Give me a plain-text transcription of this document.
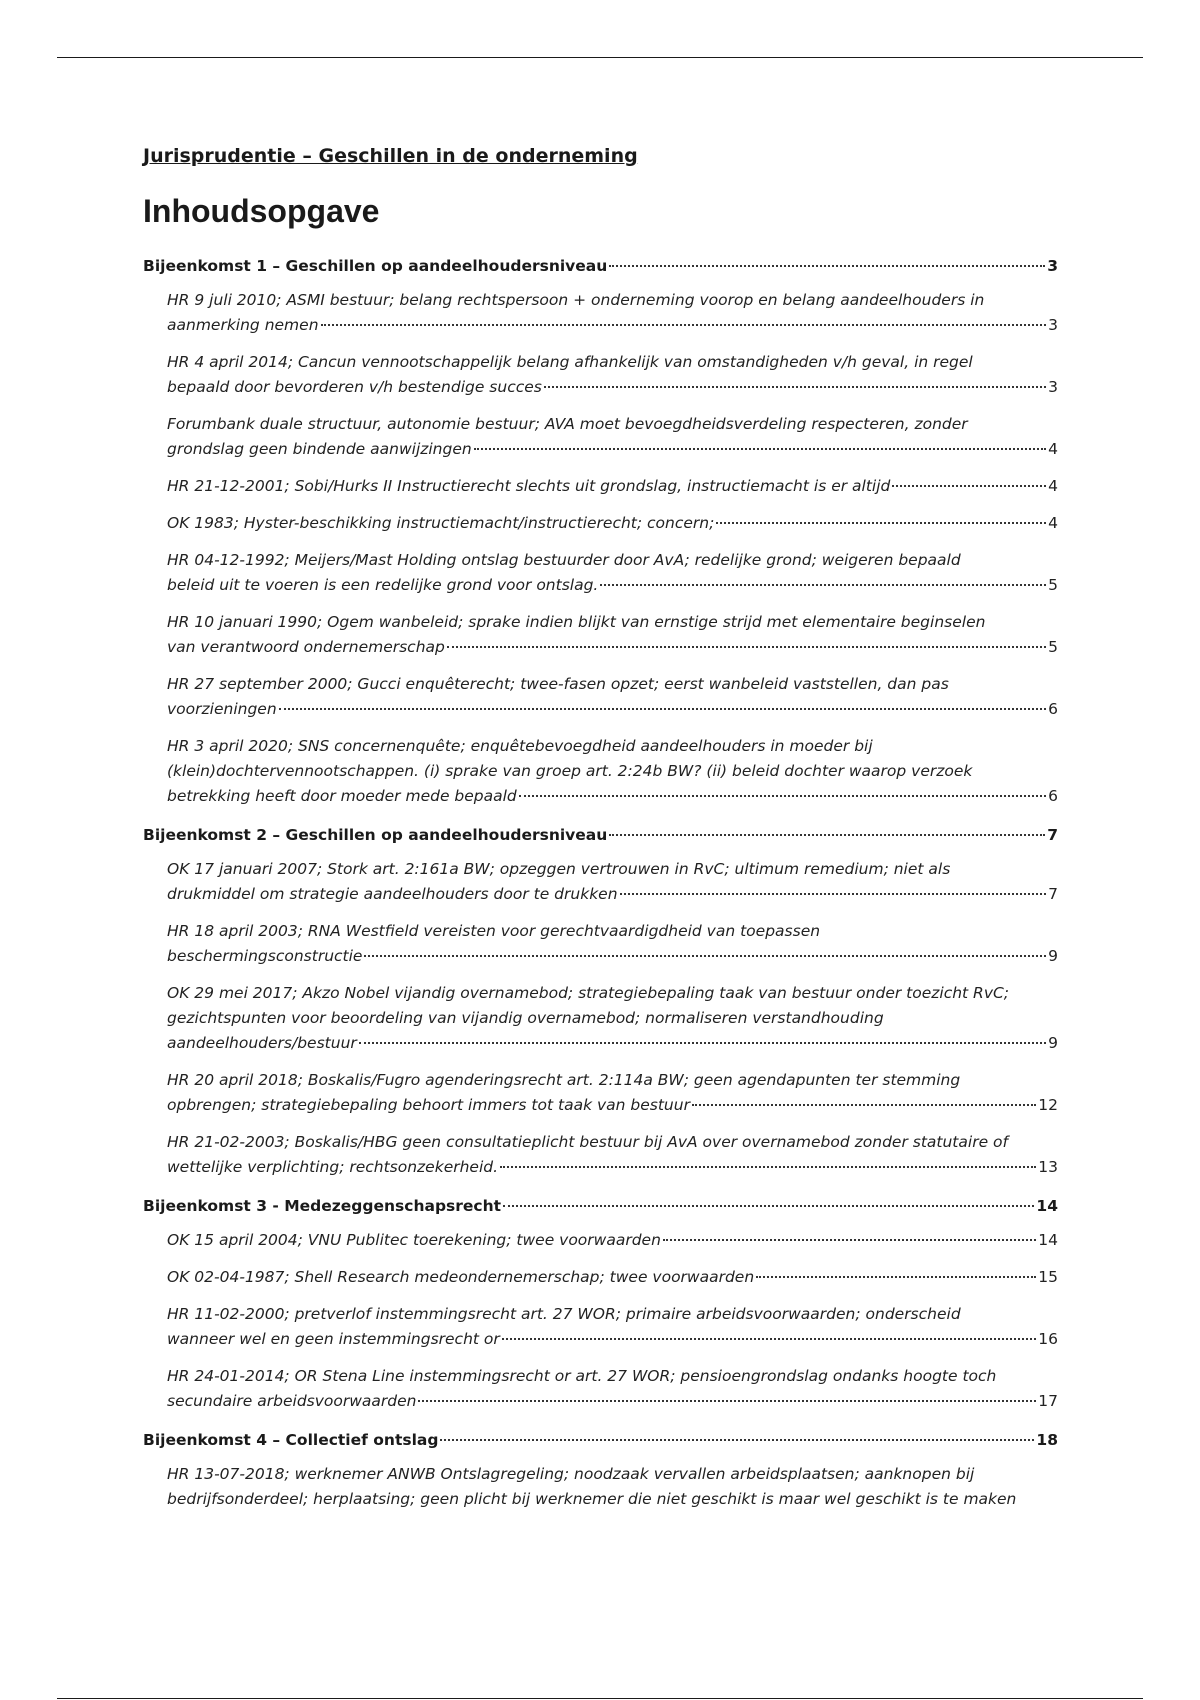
Jurisprudentie – Geschillen in de onderneming
Inhoudsopgave
Bijeenkomst 1 – Geschillen op aandeelhoudersniveau	3
HR 9 juli 2010; ASMI bestuur; belang rechtspersoon + onderneming voorop en belang aandeelhouders in
aanmerking nemen	3
HR 4 april 2014; Cancun vennootschappelijk belang afhankelijk van omstandigheden v/h geval, in regel
bepaald door bevorderen v/h bestendige succes	3
Forumbank duale structuur, autonomie bestuur; AVA moet bevoegdheidsverdeling respecteren, zonder
grondslag geen bindende aanwijzingen	4
HR 21-12-2001; Sobi/Hurks II Instructierecht slechts uit grondslag, instructiemacht is er altijd	4
OK 1983; Hyster-beschikking instructiemacht/instructierecht; concern;	4
HR 04-12-1992; Meijers/Mast Holding ontslag bestuurder door AvA; redelijke grond; weigeren bepaald
beleid uit te voeren is een redelijke grond voor ontslag.	5
HR 10 januari 1990; Ogem wanbeleid; sprake indien blijkt van ernstige strijd met elementaire beginselen
van verantwoord ondernemerschap	5
HR 27 september 2000; Gucci enquêterecht; twee-fasen opzet; eerst wanbeleid vaststellen, dan pas
voorzieningen	6
HR 3 april 2020; SNS concernenquête; enquêtebevoegdheid aandeelhouders in moeder bij
(klein)dochtervennootschappen. (i) sprake van groep art. 2:24b BW? (ii) beleid dochter waarop verzoek
betrekking heeft door moeder mede bepaald	6
Bijeenkomst 2 – Geschillen op aandeelhoudersniveau	7
OK 17 januari 2007; Stork art. 2:161a BW; opzeggen vertrouwen in RvC; ultimum remedium; niet als
drukmiddel om strategie aandeelhouders door te drukken	7
HR 18 april 2003; RNA Westfield vereisten voor gerechtvaardigdheid van toepassen
beschermingsconstructie	9
OK 29 mei 2017; Akzo Nobel vijandig overnamebod; strategiebepaling taak van bestuur onder toezicht RvC;
gezichtspunten voor beoordeling van vijandig overnamebod; normaliseren verstandhouding
aandeelhouders/bestuur	9
HR 20 april 2018; Boskalis/Fugro agenderingsrecht art. 2:114a BW; geen agendapunten ter stemming
opbrengen; strategiebepaling behoort immers tot taak van bestuur	12
HR 21-02-2003; Boskalis/HBG geen consultatieplicht bestuur bij AvA over overnamebod zonder statutaire of
wettelijke verplichting; rechtsonzekerheid.	13
Bijeenkomst 3 - Medezeggenschapsrecht	14
OK 15 april 2004; VNU Publitec toerekening; twee voorwaarden	14
OK 02-04-1987; Shell Research medeondernemerschap; twee voorwaarden	15
HR 11-02-2000; pretverlof instemmingsrecht art. 27 WOR; primaire arbeidsvoorwaarden; onderscheid
wanneer wel en geen instemmingsrecht or	16
HR 24-01-2014; OR Stena Line instemmingsrecht or art. 27 WOR; pensioengrondslag ondanks hoogte toch
secundaire arbeidsvoorwaarden	17
Bijeenkomst 4 – Collectief ontslag	18
HR 13-07-2018; werknemer ANWB Ontslagregeling; noodzaak vervallen arbeidsplaatsen; aanknopen bij
bedrijfsonderdeel; herplaatsing; geen plicht bij werknemer die niet geschikt is maar wel geschikt is te maken
